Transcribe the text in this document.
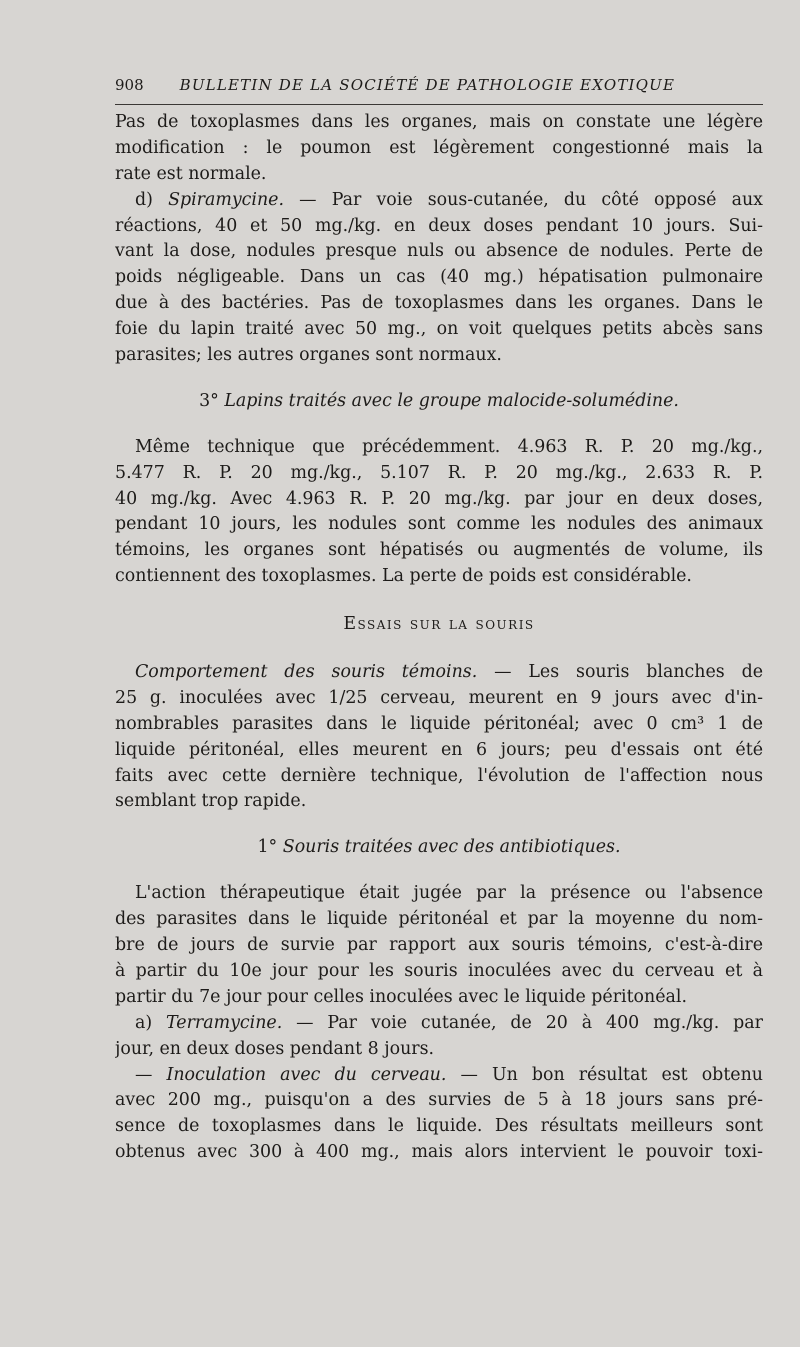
908 BULLETIN DE LA SOCIÉTÉ DE PATHOLOGIE EXOTIQUE
Pas de toxoplasmes dans les organes, mais on constate une légère
modification : le poumon est légèrement congestionné mais la
rate est normale.
d) Spiramycine. — Par voie sous-cutanée, du côté opposé aux
réactions, 40 et 50 mg./kg. en deux doses pendant 10 jours. Sui-
vant la dose, nodules presque nuls ou absence de nodules. Perte de
poids négligeable. Dans un cas (40 mg.) hépatisation pulmonaire
due à des bactéries. Pas de toxoplasmes dans les organes. Dans le
foie du lapin traité avec 50 mg., on voit quelques petits abcès sans
parasites; les autres organes sont normaux.
3° Lapins traités avec le groupe malocide-solumédine.
Même technique que précédemment. 4.963 R. P. 20 mg./kg.,
5.477 R. P. 20 mg./kg., 5.107 R. P. 20 mg./kg., 2.633 R. P.
40 mg./kg. Avec 4.963 R. P. 20 mg./kg. par jour en deux doses,
pendant 10 jours, les nodules sont comme les nodules des animaux
témoins, les organes sont hépatisés ou augmentés de volume, ils
contiennent des toxoplasmes. La perte de poids est considérable.
Essais sur la souris
Comportement des souris témoins. — Les souris blanches de
25 g. inoculées avec 1/25 cerveau, meurent en 9 jours avec d'in-
nombrables parasites dans le liquide péritonéal; avec 0 cm³ 1 de
liquide péritonéal, elles meurent en 6 jours; peu d'essais ont été
faits avec cette dernière technique, l'évolution de l'affection nous
semblant trop rapide.
1° Souris traitées avec des antibiotiques.
L'action thérapeutique était jugée par la présence ou l'absence
des parasites dans le liquide péritonéal et par la moyenne du nom-
bre de jours de survie par rapport aux souris témoins, c'est-à-dire
à partir du 10e jour pour les souris inoculées avec du cerveau et à
partir du 7e jour pour celles inoculées avec le liquide péritonéal.
a) Terramycine. — Par voie cutanée, de 20 à 400 mg./kg. par
jour, en deux doses pendant 8 jours.
— Inoculation avec du cerveau. — Un bon résultat est obtenu
avec 200 mg., puisqu'on a des survies de 5 à 18 jours sans pré-
sence de toxoplasmes dans le liquide. Des résultats meilleurs sont
obtenus avec 300 à 400 mg., mais alors intervient le pouvoir toxi-
